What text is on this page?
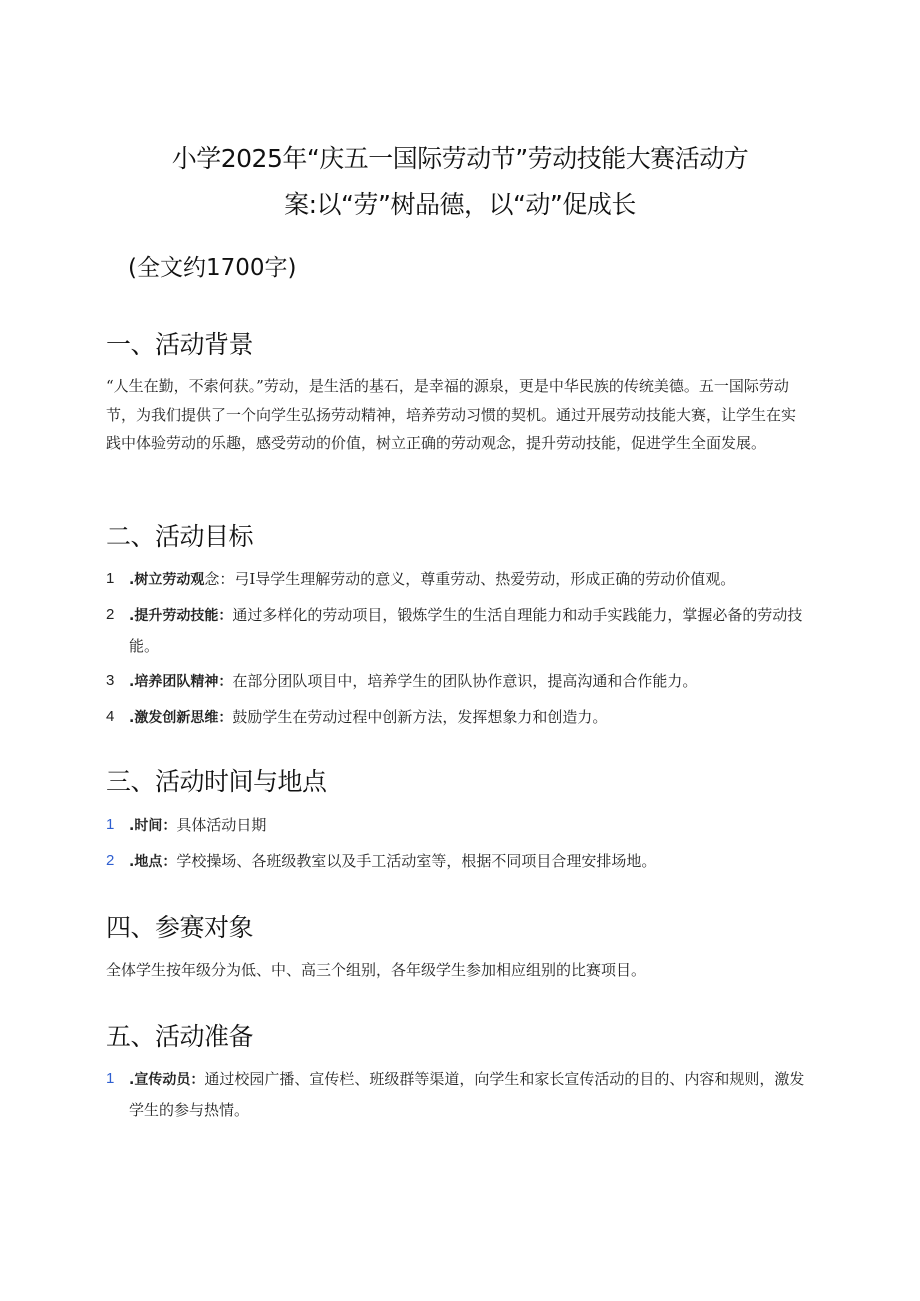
小学2025年“庆五一国际劳动节”劳动技能大赛活动方
案:以“劳”树品德，以“动”促成长

(全文约1700字)

一、活动背景

“人生在勤，不索何获。”劳动，是生活的基石，是幸福的源泉，更是中华民族的传统美德。五一国际劳动节，为我们提供了一个向学生弘扬劳动精神，培养劳动习惯的契机。通过开展劳动技能大赛，让学生在实践中体验劳动的乐趣，感受劳动的价值，树立正确的劳动观念，提升劳动技能，促进学生全面发展。

二、活动目标
1 .树立劳动观念：弓I导学生理解劳动的意义，尊重劳动、热爱劳动，形成正确的劳动价值观。
2 .提升劳动技能：通过多样化的劳动项目，锻炼学生的生活自理能力和动手实践能力，掌握必备的劳动技能。
3 .培养团队精神：在部分团队项目中，培养学生的团队协作意识，提高沟通和合作能力。
4 .激发创新思维：鼓励学生在劳动过程中创新方法，发挥想象力和创造力。
三、活动时间与地点
1 .时间：具体活动日期
2 .地点：学校操场、各班级教室以及手工活动室等，根据不同项目合理安排场地。
四、参赛对象

全体学生按年级分为低、中、高三个组别，各年级学生参加相应组别的比赛项目。

五、活动准备
1 .宣传动员：通过校园广播、宣传栏、班级群等渠道，向学生和家长宣传活动的目的、内容和规则，激发学生的参与热情。
